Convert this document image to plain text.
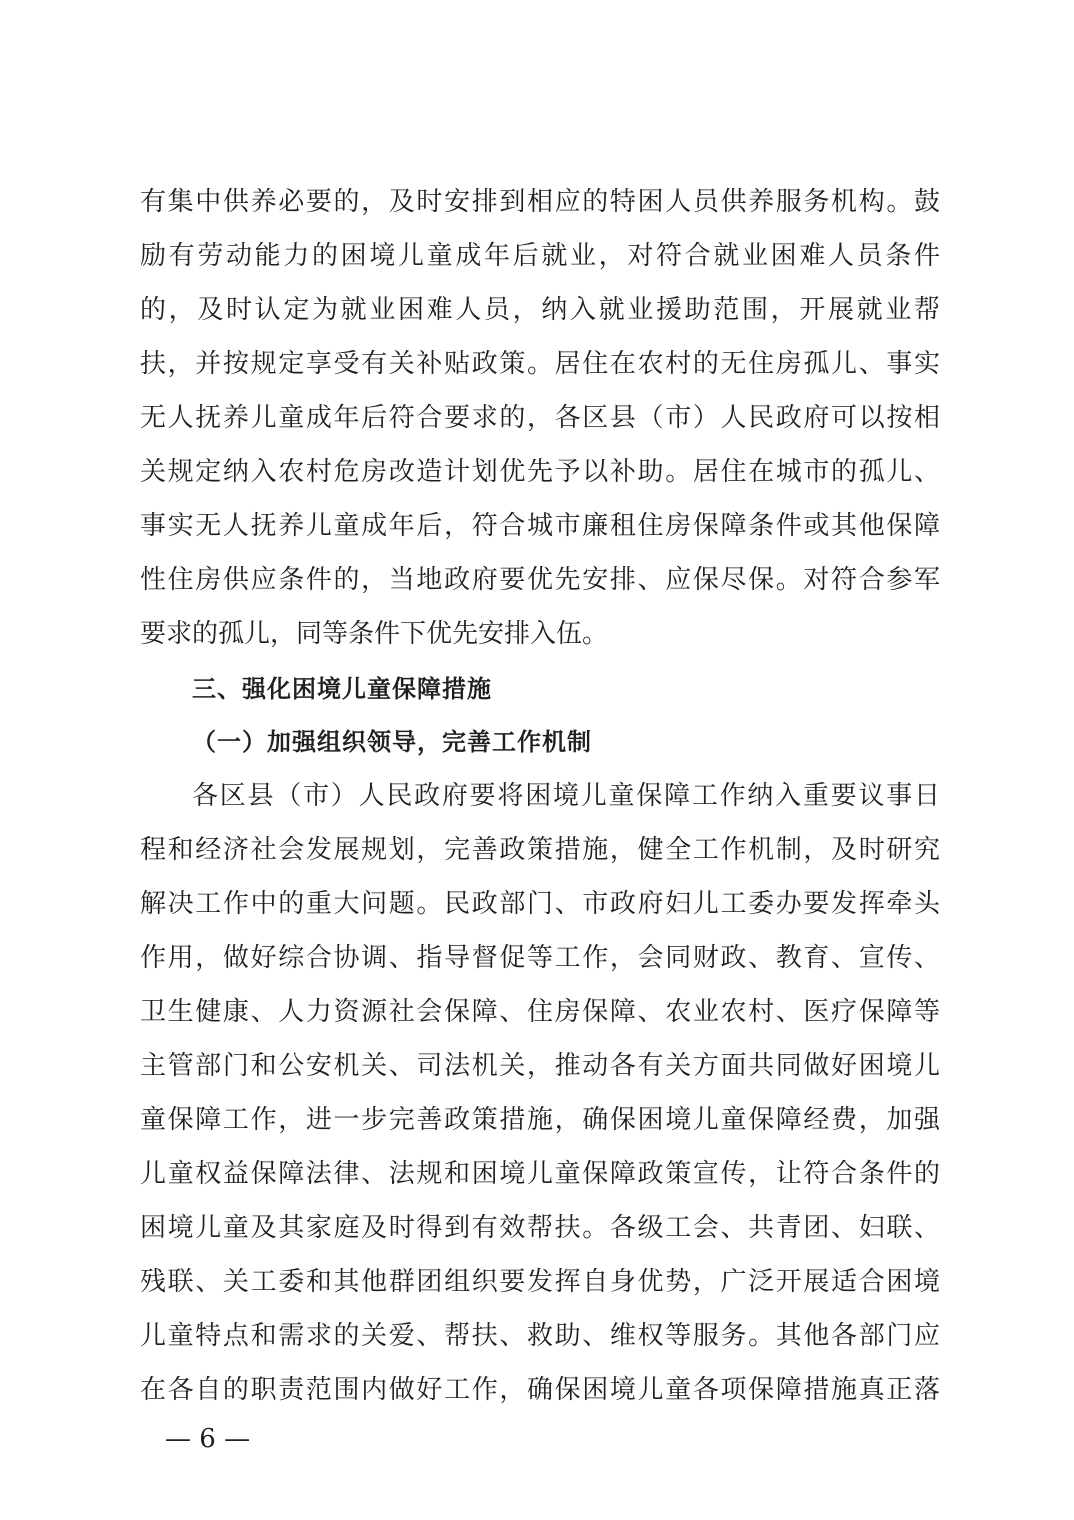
有集中供养必要的，及时安排到相应的特困人员供养服务机构。鼓
励有劳动能力的困境儿童成年后就业，对符合就业困难人员条件
的，及时认定为就业困难人员，纳入就业援助范围，开展就业帮
扶，并按规定享受有关补贴政策。居住在农村的无住房孤儿、事实
无人抚养儿童成年后符合要求的，各区县（市）人民政府可以按相
关规定纳入农村危房改造计划优先予以补助。居住在城市的孤儿、
事实无人抚养儿童成年后，符合城市廉租住房保障条件或其他保障
性住房供应条件的，当地政府要优先安排、应保尽保。对符合参军
要求的孤儿，同等条件下优先安排入伍。
三、强化困境儿童保障措施
（一）加强组织领导，完善工作机制
各区县（市）人民政府要将困境儿童保障工作纳入重要议事日
程和经济社会发展规划，完善政策措施，健全工作机制，及时研究
解决工作中的重大问题。民政部门、市政府妇儿工委办要发挥牵头
作用，做好综合协调、指导督促等工作，会同财政、教育、宣传、
卫生健康、人力资源社会保障、住房保障、农业农村、医疗保障等
主管部门和公安机关、司法机关，推动各有关方面共同做好困境儿
童保障工作，进一步完善政策措施，确保困境儿童保障经费，加强
儿童权益保障法律、法规和困境儿童保障政策宣传，让符合条件的
困境儿童及其家庭及时得到有效帮扶。各级工会、共青团、妇联、
残联、关工委和其他群团组织要发挥自身优势，广泛开展适合困境
儿童特点和需求的关爱、帮扶、救助、维权等服务。其他各部门应
在各自的职责范围内做好工作，确保困境儿童各项保障措施真正落
— 6 —
